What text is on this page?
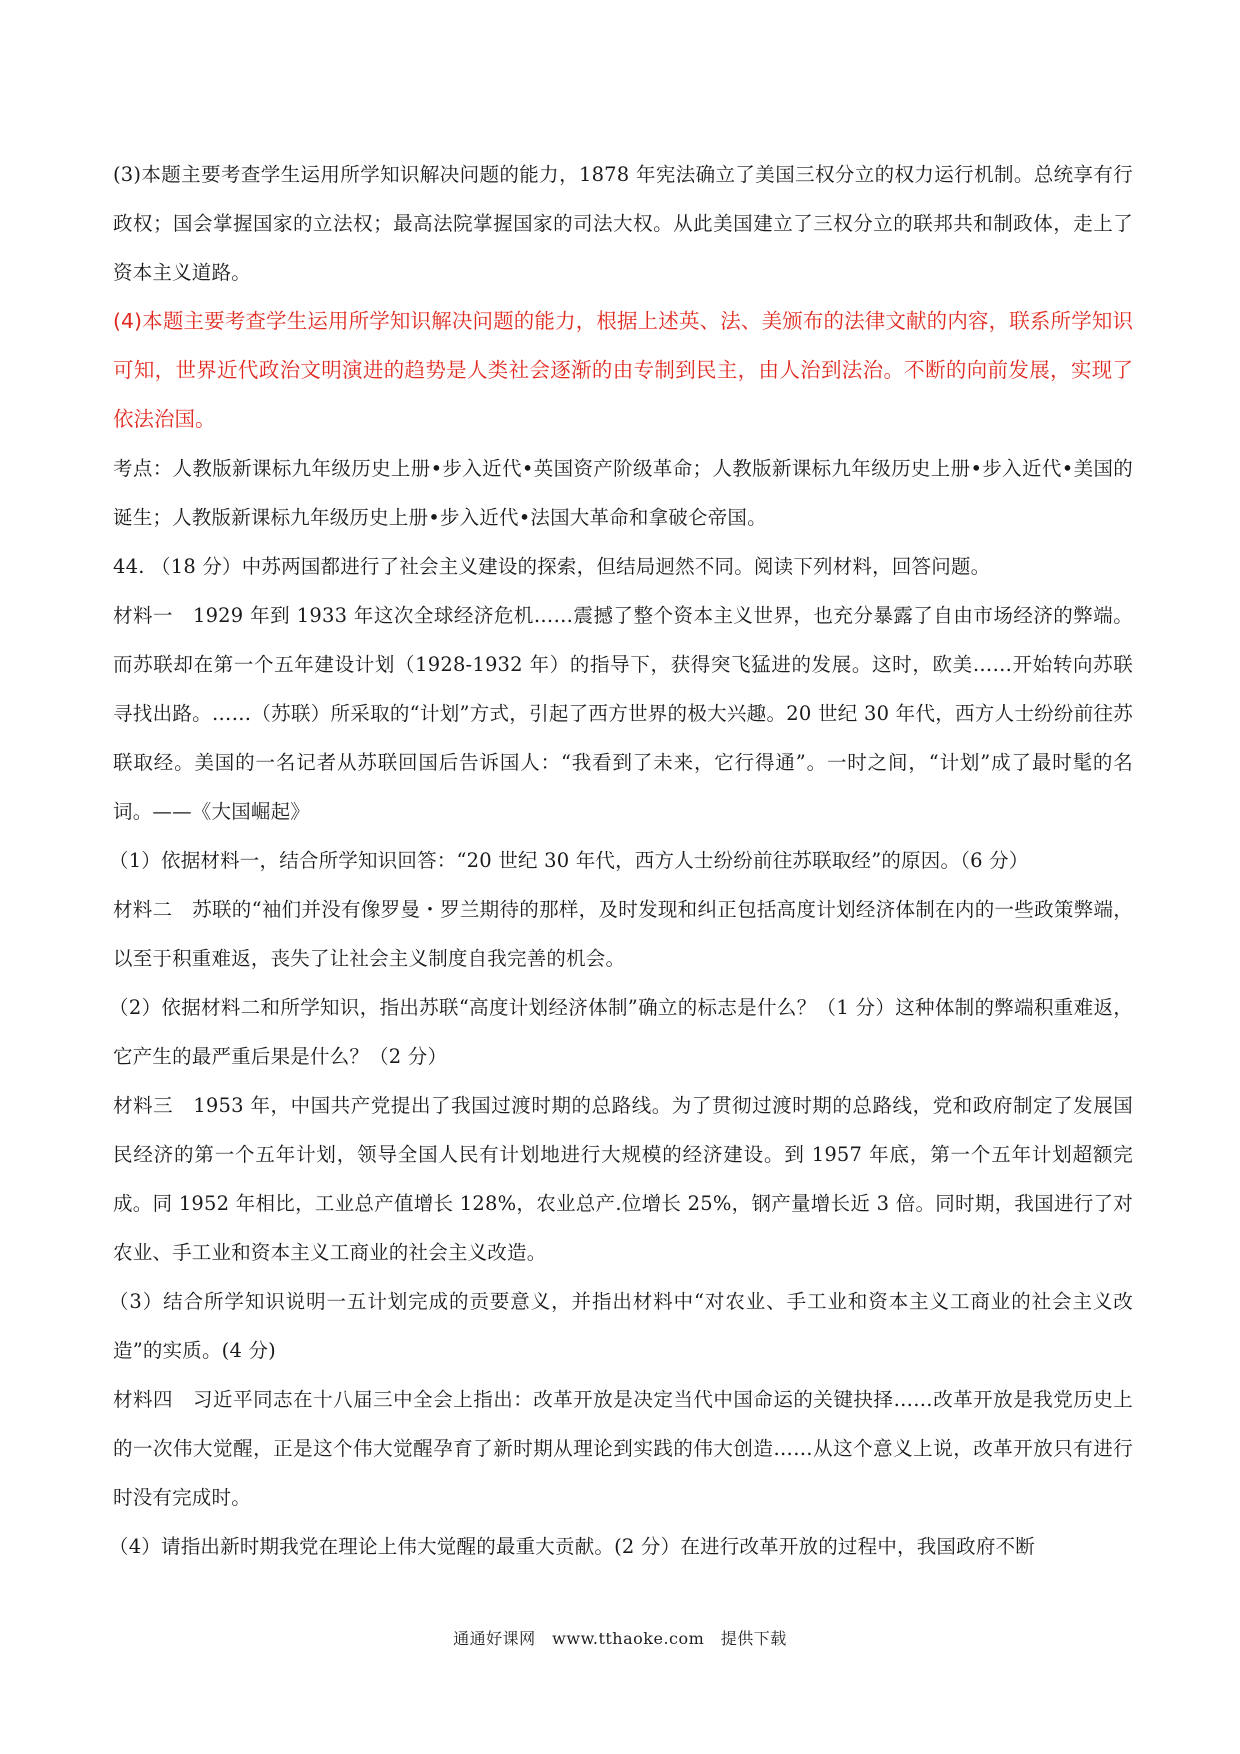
(3)本题主要考查学生运用所学知识解决问题的能力，1878 年宪法确立了美国三权分立的权力运行机制。总统享有行政权；国会掌握国家的立法权；最高法院掌握国家的司法大权。从此美国建立了三权分立的联邦共和制政体，走上了资本主义道路。

(4)本题主要考查学生运用所学知识解决问题的能力，根据上述英、法、美颁布的法律文献的内容，联系所学知识可知，世界近代政治文明演进的趋势是人类社会逐渐的由专制到民主，由人治到法治。不断的向前发展，实现了依法治国。

考点：人教版新课标九年级历史上册•步入近代•英国资产阶级革命；人教版新课标九年级历史上册•步入近代•美国的诞生；人教版新课标九年级历史上册•步入近代•法国大革命和拿破仑帝国。

44. （18 分）中苏两国都进行了社会主义建设的探索，但结局迥然不同。阅读下列材料，回答问题。

材料一　1929 年到 1933 年这次全球经济危机……震撼了整个资本主义世界，也充分暴露了自由市场经济的弊端。而苏联却在第一个五年建设计划（1928-1932 年）的指导下，获得突飞猛进的发展。这时，欧美……开始转向苏联寻找出路。……（苏联）所采取的“计划”方式，引起了西方世界的极大兴趣。20 世纪 30 年代，西方人士纷纷前往苏联取经。美国的一名记者从苏联回国后告诉国人：“我看到了未来，它行得通”。一时之间，“计划”成了最时髦的名词。——《大国崛起》

（1）依据材料一，结合所学知识回答：“20 世纪 30 年代，西方人士纷纷前往苏联取经”的原因。（6 分）

材料二　苏联的“袖们并没有像罗曼・罗兰期待的那样，及时发现和纠正包括高度计划经济体制在内的一些政策弊端，以至于积重难返，丧失了让社会主义制度自我完善的机会。

（2）依据材料二和所学知识，指出苏联“高度计划经济体制”确立的标志是什么？（1 分）这种体制的弊端积重难返，它产生的最严重后果是什么？（2 分）

材料三　1953 年，中国共产党提出了我国过渡时期的总路线。为了贯彻过渡时期的总路线，党和政府制定了发展国民经济的第一个五年计划，领导全国人民有计划地进行大规模的经济建设。到 1957 年底，第一个五年计划超额完成。同 1952 年相比，工业总产值增长 128%，农业总产.位增长 25%，钢产量增长近 3 倍。同时期，我国进行了对农业、手工业和资本主义工商业的社会主义改造。

（3）结合所学知识说明一五计划完成的贡要意义，并指出材料中“对农业、手工业和资本主义工商业的社会主义改造”的实质。(4 分)

材料四　习近平同志在十八届三中全会上指出：改革开放是决定当代中国命运的关键抉择……改革开放是我党历史上的一次伟大觉醒，正是这个伟大觉醒孕育了新时期从理论到实践的伟大创造……从这个意义上说，改革开放只有进行时没有完成时。

（4）请指出新时期我党在理论上伟大觉醒的最重大贡献。(2 分）在进行改革开放的过程中，我国政府不断

通通好课网　www.tthaoke.com　提供下载
